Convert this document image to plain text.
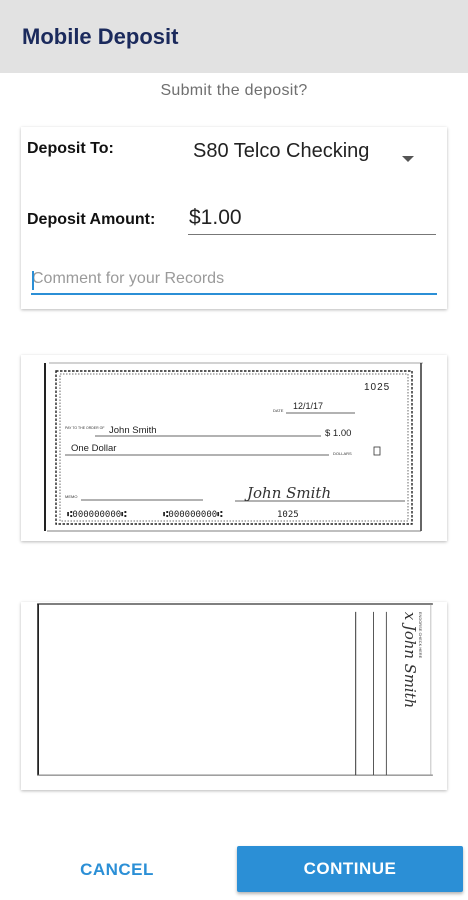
Mobile Deposit
Submit the deposit?
Deposit To:	S80 Telco Checking
Deposit Amount: $1.00
Comment for your Records
1025
DATE 12/1/17
PAY TO THE ORDER OF John Smith	$ 1.00
One Dollar	DOLLARS
MEMO	John Smith
⑆000000000⑆	⑆000000000⑆	1025
ENDORSE CHECK HERE
x John Smith
CANCEL	CONTINUE
